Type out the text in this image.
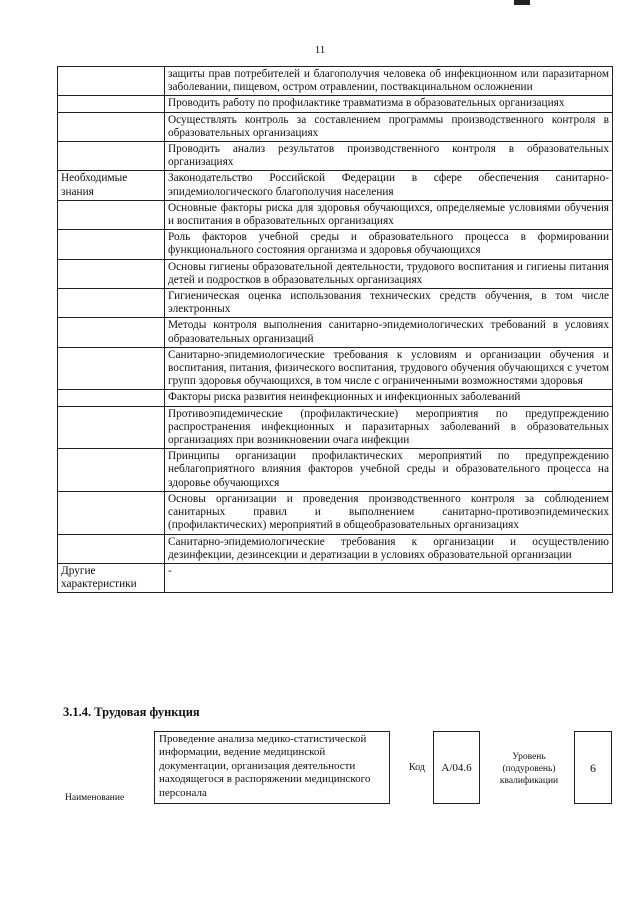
11
	защиты прав потребителей и благополучия человека об инфекционном или паразитарном заболевании, пищевом, остром отравлении, поствакцинальном осложнении
	Проводить работу по профилактике травматизма в образовательных организациях
	Осуществлять контроль за составлением программы производственного контроля в образовательных организациях
	Проводить анализ результатов производственного контроля в образовательных организациях
Необходимые знания	Законодательство Российской Федерации в сфере обеспечения санитарно-эпидемиологического благополучия населения
	Основные факторы риска для здоровья обучающихся, определяемые условиями обучения и воспитания в образовательных организациях
	Роль факторов учебной среды и образовательного процесса в формировании функционального состояния организма и здоровья обучающихся
	Основы гигиены образовательной деятельности, трудового воспитания и гигиены питания детей и подростков в образовательных организациях
	Гигиеническая оценка использования технических средств обучения, в том числе электронных
	Методы контроля выполнения санитарно-эпидемиологических требований в условиях образовательных организаций
	Санитарно-эпидемиологические требования к условиям и организации обучения и воспитания, питания, физического воспитания, трудового обучения обучающихся с учетом групп здоровья обучающихся, в том числе с ограниченными возможностями здоровья
	Факторы риска развития неинфекционных и инфекционных заболеваний
	Противоэпидемические (профилактические) мероприятия по предупреждению распространения инфекционных и паразитарных заболеваний в образовательных организациях при возникновении очага инфекции
	Принципы организации профилактических мероприятий по предупреждению неблагоприятного влияния факторов учебной среды и образовательного процесса на здоровье обучающихся
	Основы организации и проведения производственного контроля за соблюдением санитарных правил и выполнением санитарно-противоэпидемических (профилактических) мероприятий в общеобразовательных организациях
	Санитарно-эпидемиологические требования к организации и осуществлению дезинфекции, дезинсекции и дератизации в условиях образовательной организации
Другие характеристики	-
3.1.4. Трудовая функция
Наименование
Проведение анализа медико-статистической информации, ведение медицинской документации, организация деятельности находящегося в распоряжении медицинского персонала
Код	A/04.6
Уровень (подуровень) квалификации
6
